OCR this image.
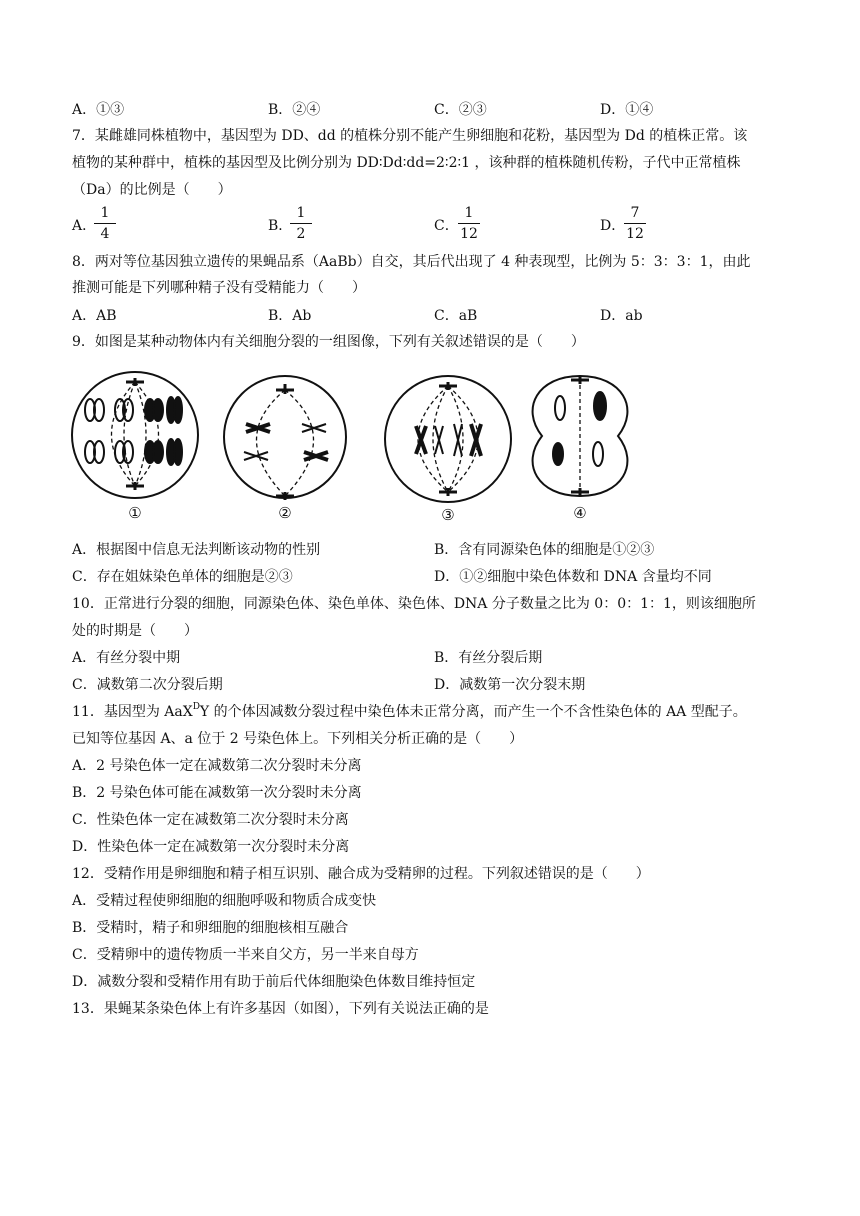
A．①③	B．②④	C．②③	D．①④
7．某雌雄同株植物中，基因型为 DD、dd 的植株分别不能产生卵细胞和花粉，基因型为 Dd 的植株正常。该
植物的某种群中，植株的基因型及比例分别为 DD∶Dd∶dd=2∶2∶1 ，该种群的植株随机传粉，子代中正常植株
（Da）的比例是（　　）
A．
1
4	B．
1
2	C．
1
12	D．
7
12
8．两对等位基因独立遗传的果蝇品系（AaBb）自交，其后代出现了 4 种表现型，比例为 5：3：3：1，由此
推测可能是下列哪种精子没有受精能力（　　）
A．AB	B．Ab	C．aB	D．ab
9．如图是某种动物体内有关细胞分裂的一组图像，下列有关叙述错误的是（　　）
①	②	③	④
A．根据图中信息无法判断该动物的性别	B．含有同源染色体的细胞是①②③
C．存在姐妹染色单体的细胞是②③	D．①②细胞中染色体数和 DNA 含量均不同
10．正常进行分裂的细胞，同源染色体、染色单体、染色体、DNA 分子数量之比为 0：0：1：1，则该细胞所
处的时期是（　　）
A．有丝分裂中期	B．有丝分裂后期
C．减数第二次分裂后期	D．减数第一次分裂末期
11．基因型为 AaX$^D$Y 的个体因减数分裂过程中染色体未正常分离，而产生一个不含性染色体的 AA 型配子。
已知等位基因 A、a 位于 2 号染色体上。下列相关分析正确的是（　　）
A．2 号染色体一定在减数第二次分裂时未分离
B．2 号染色体可能在减数第一次分裂时未分离
C．性染色体一定在减数第二次分裂时未分离
D．性染色体一定在减数第一次分裂时未分离
12．受精作用是卵细胞和精子相互识别、融合成为受精卵的过程。下列叙述错误的是（　　）
A．受精过程使卵细胞的细胞呼吸和物质合成变快
B．受精时，精子和卵细胞的细胞核相互融合
C．受精卵中的遗传物质一半来自父方，另一半来自母方
D．减数分裂和受精作用有助于前后代体细胞染色体数目维持恒定
13．果蝇某条染色体上有许多基因（如图），下列有关说法正确的是
